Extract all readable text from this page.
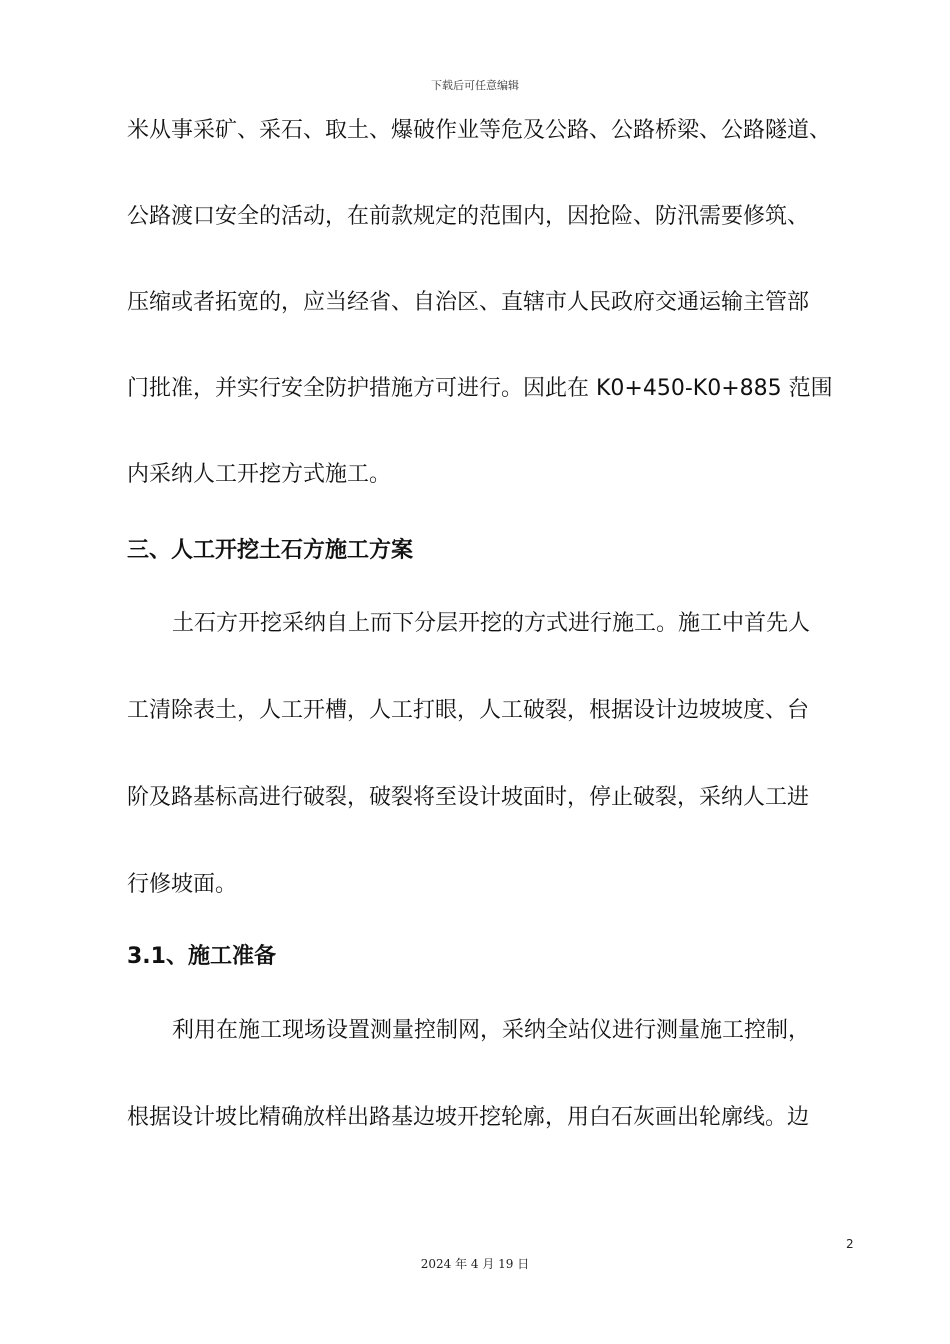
下载后可任意编辑
米从事采矿、采石、取土、爆破作业等危及公路、公路桥梁、公路隧道、
公路渡口安全的活动，在前款规定的范围内，因抢险、防汛需要修筑、
压缩或者拓宽的，应当经省、自治区、直辖市人民政府交通运输主管部
门批准，并实行安全防护措施方可进行。因此在 K0+450-K0+885 范围
内采纳人工开挖方式施工。
三、人工开挖土石方施工方案
土石方开挖采纳自上而下分层开挖的方式进行施工。施工中首先人
工清除表土，人工开槽，人工打眼，人工破裂，根据设计边坡坡度、台
阶及路基标高进行破裂，破裂将至设计坡面时，停止破裂，采纳人工进
行修坡面。
3.1、施工准备
利用在施工现场设置测量控制网，采纳全站仪进行测量施工控制，
根据设计坡比精确放样出路基边坡开挖轮廓，用白石灰画出轮廓线。边
2
2024 年 4 月 19 日
